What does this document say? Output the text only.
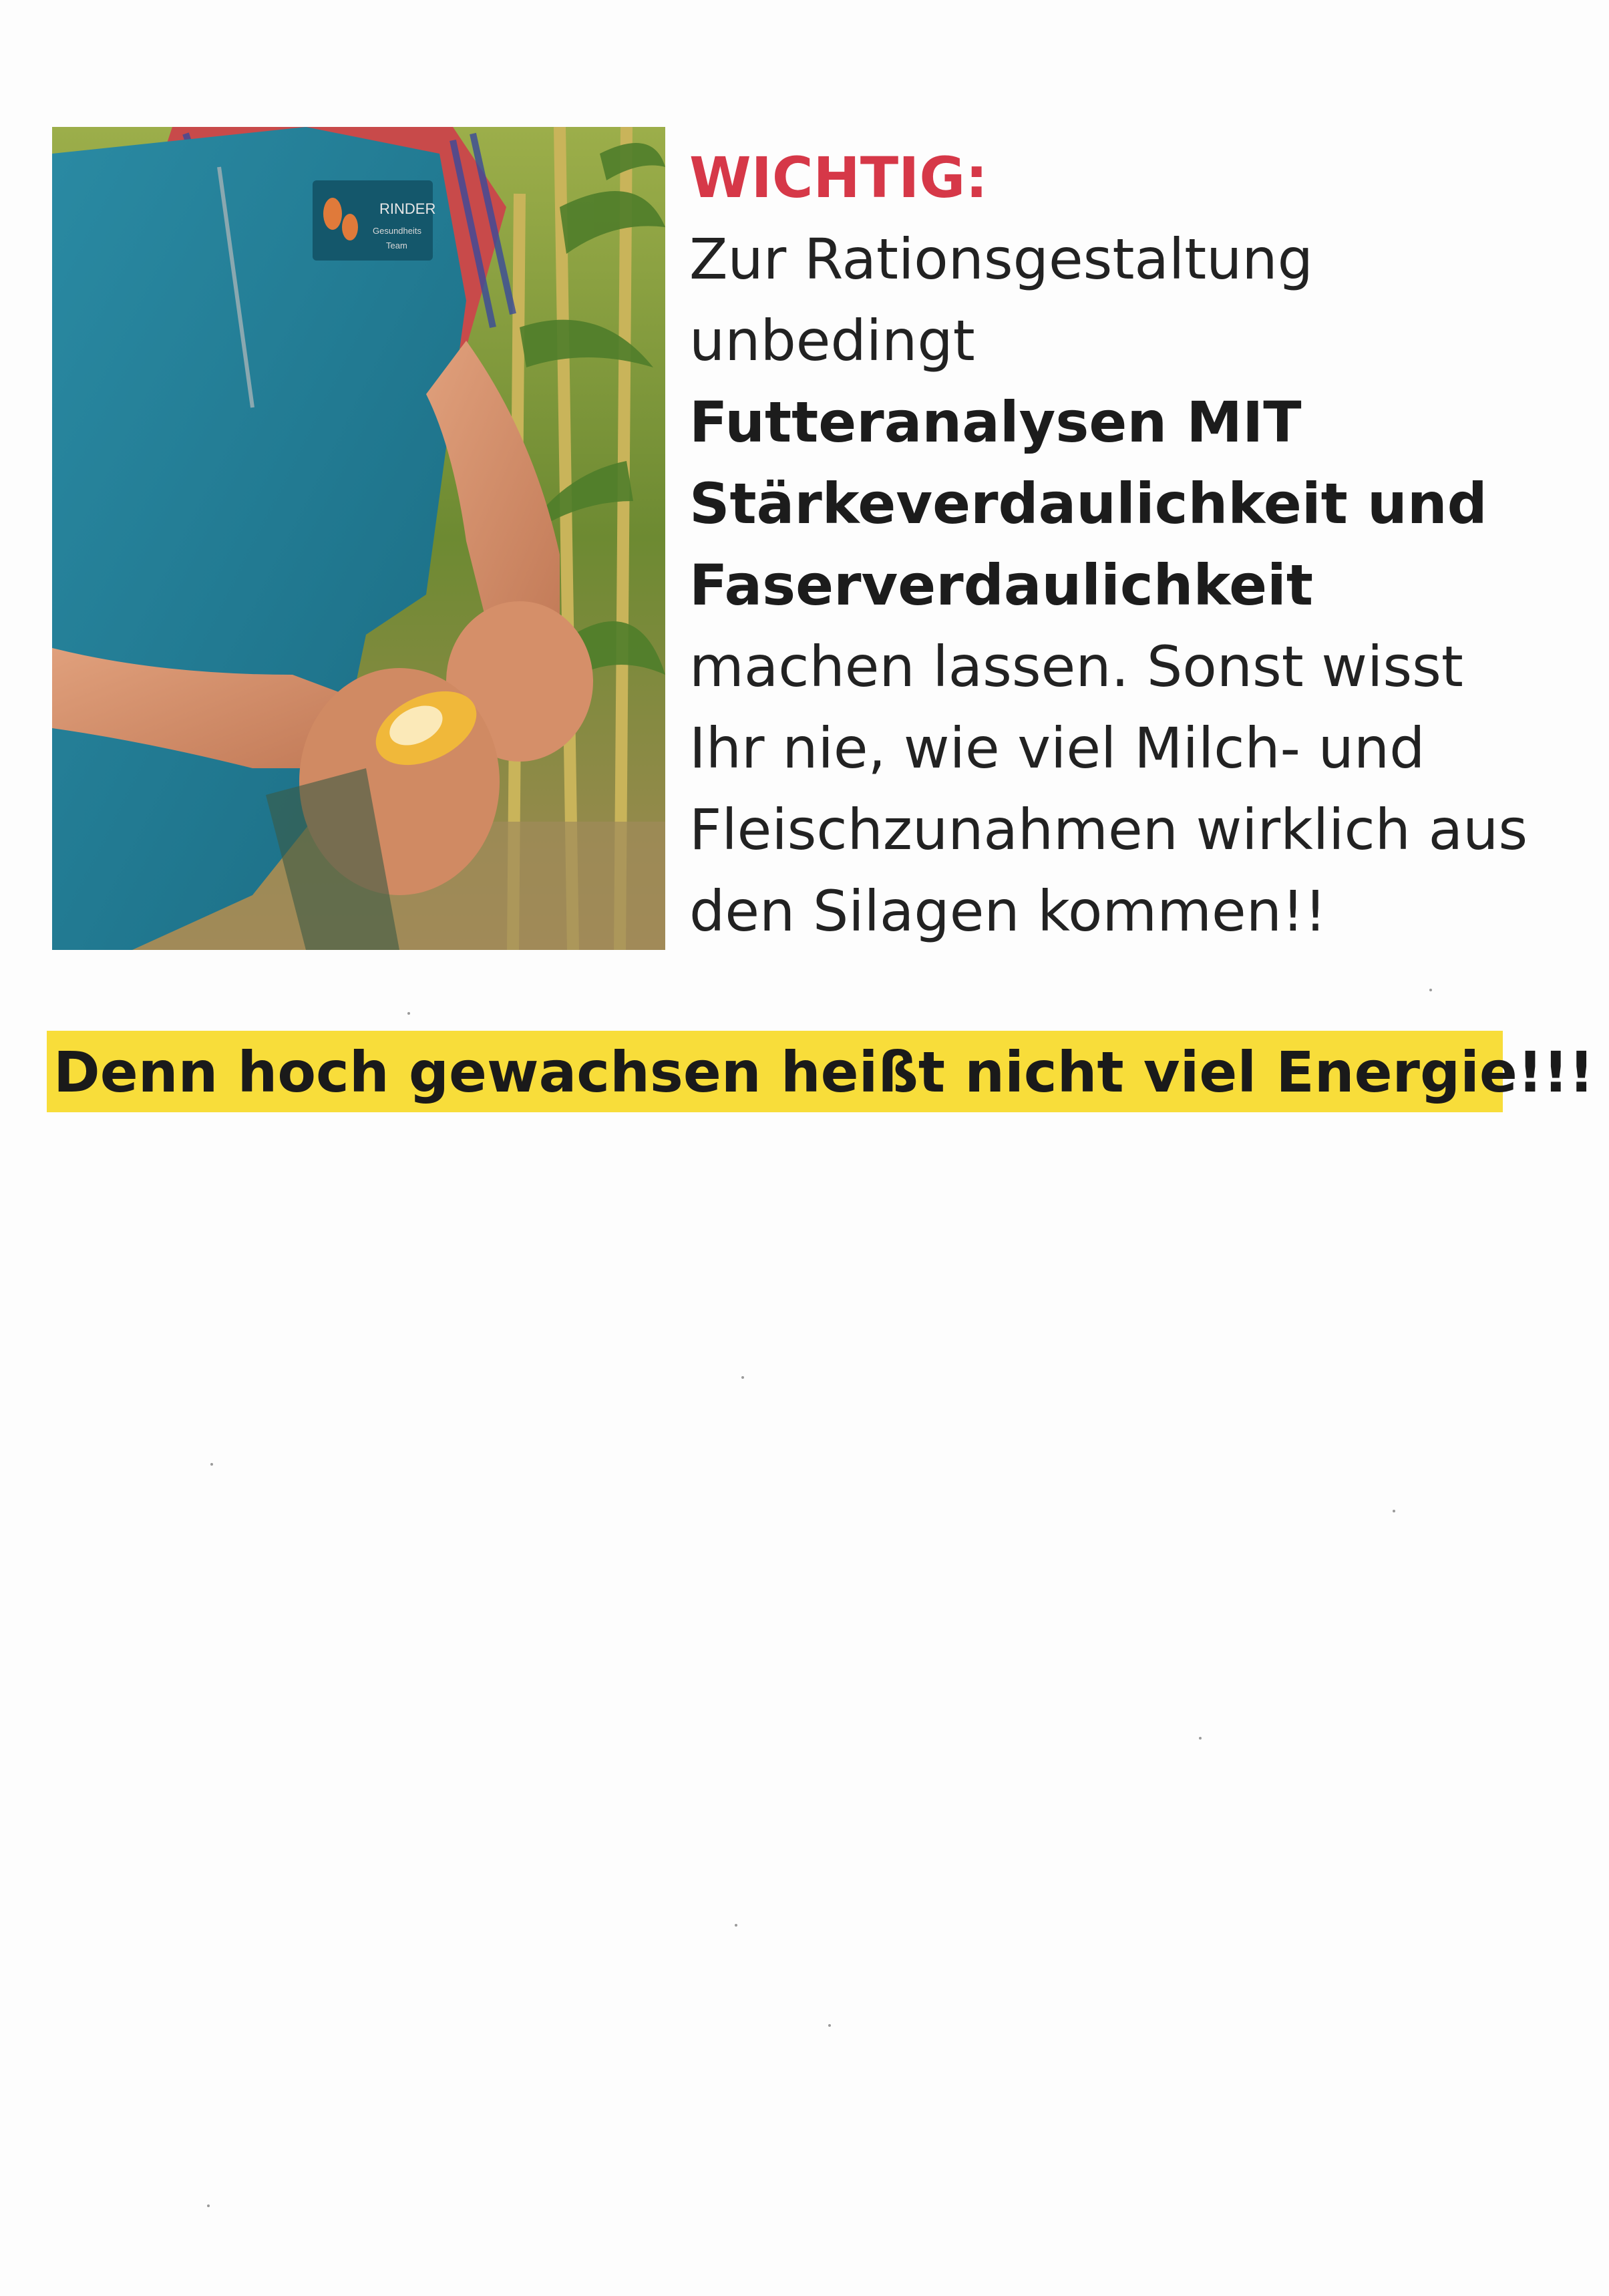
RINDER
Gesundheits
Team

WICHTIG:

Zur Rationsgestaltung

unbedingt

Futteranalysen MIT

Stärkeverdaulichkeit und

Faserverdaulichkeit

machen lassen. Sonst wisst

Ihr nie, wie viel Milch- und

Fleischzunahmen wirklich aus

den Silagen kommen!!

Denn hoch gewachsen heißt nicht viel Energie!!!
